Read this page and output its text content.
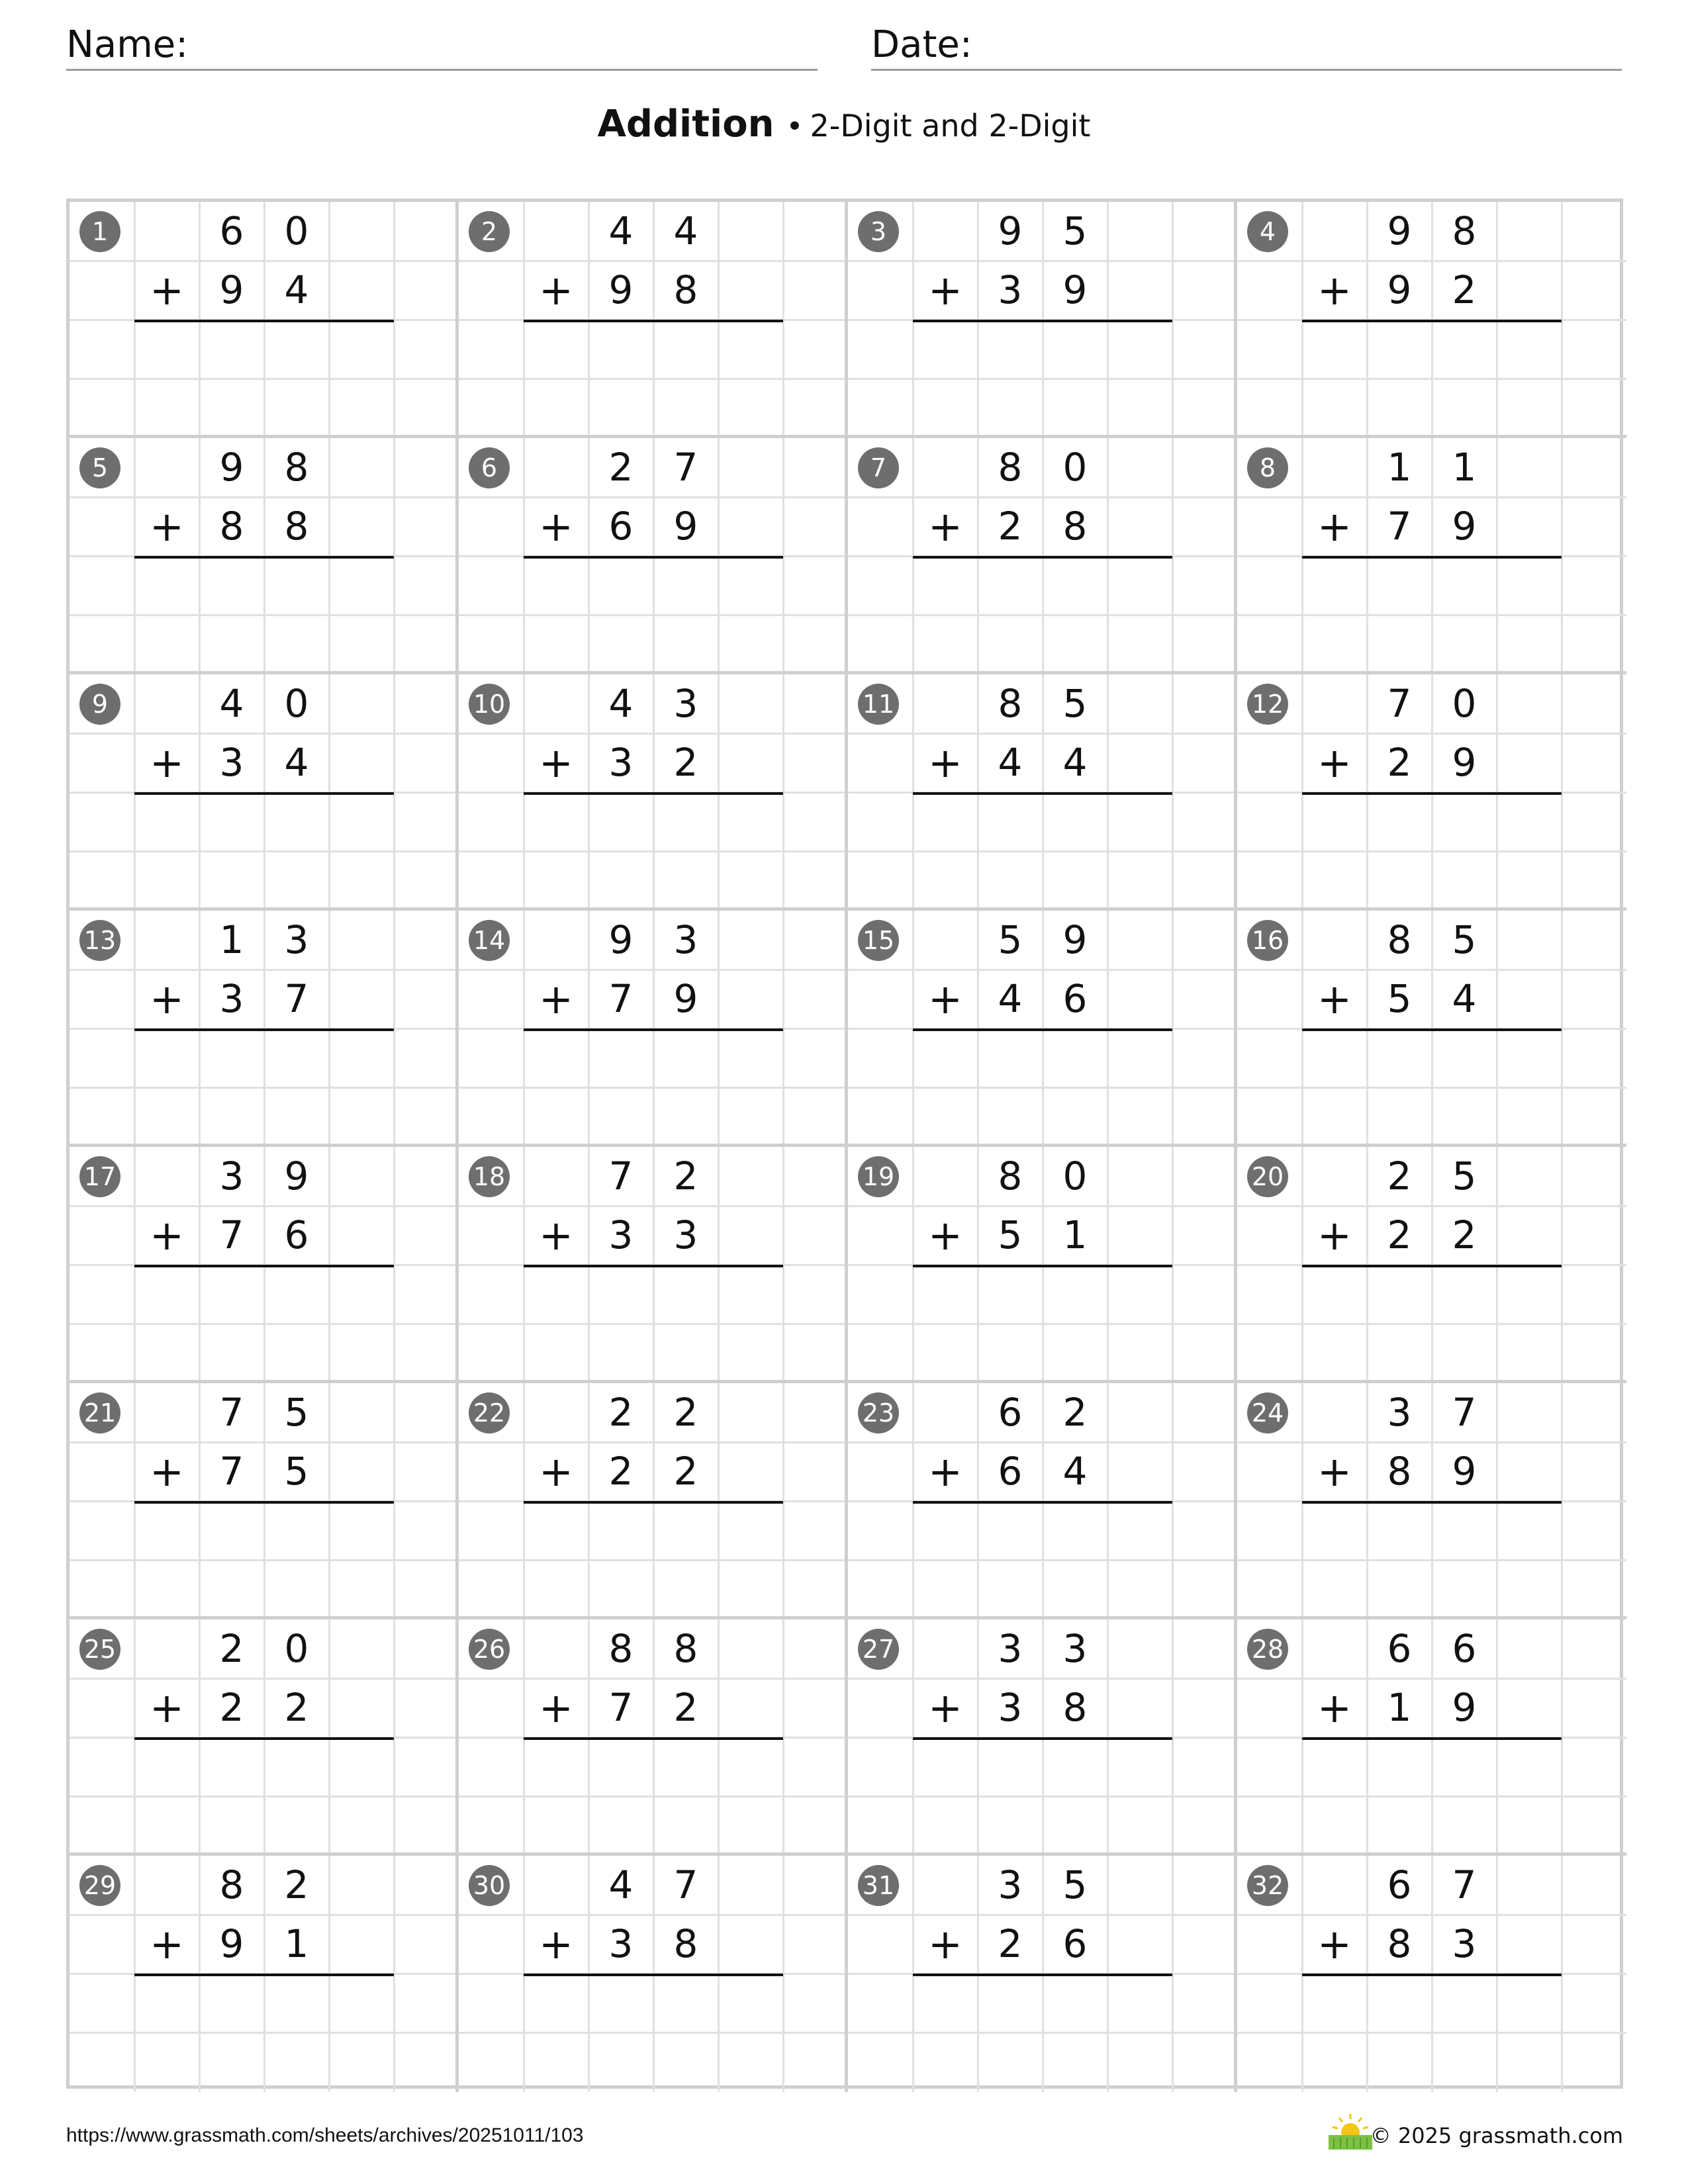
Name:	Date:
Addition • 2-Digit and 2-Digit
1	6	0
+ 9	4
2	4	4
+ 9	8
3	9	5
+ 3	9
4	9	8
+ 9	2
5	9	8
+ 8	8
6	2	7
+ 6	9
7	8	0
+ 2	8
8	1	1
+ 7	9
9	4	0
+ 3	4
10	4	3
+ 3	2
11	8	5
+ 4	4
12	7	0
+ 2	9
13	1	3
+ 3	7
14	9	3
+ 7	9
15	5	9
+ 4	6
16	8	5
+ 5	4
17	3	9
+ 7	6
18	7	2
+ 3	3
19	8	0
+ 5	1
20	2	5
+ 2	2
21	7	5
+ 7	5
22	2	2
+ 2	2
23	6	2
+ 6	4
24	3	7
+ 8	9
25	2	0
+ 2	2
26	8	8
+ 7	2
27	3	3
+ 3	8
28	6	6
+ 1	9
29	8	2
+ 9	1
30	4	7
+ 3	8
31	3	5
+ 2	6
32	6	7
+ 8	3
https://www.grassmath.com/sheets/archives/20251011/103	© 2025 grassmath.com
